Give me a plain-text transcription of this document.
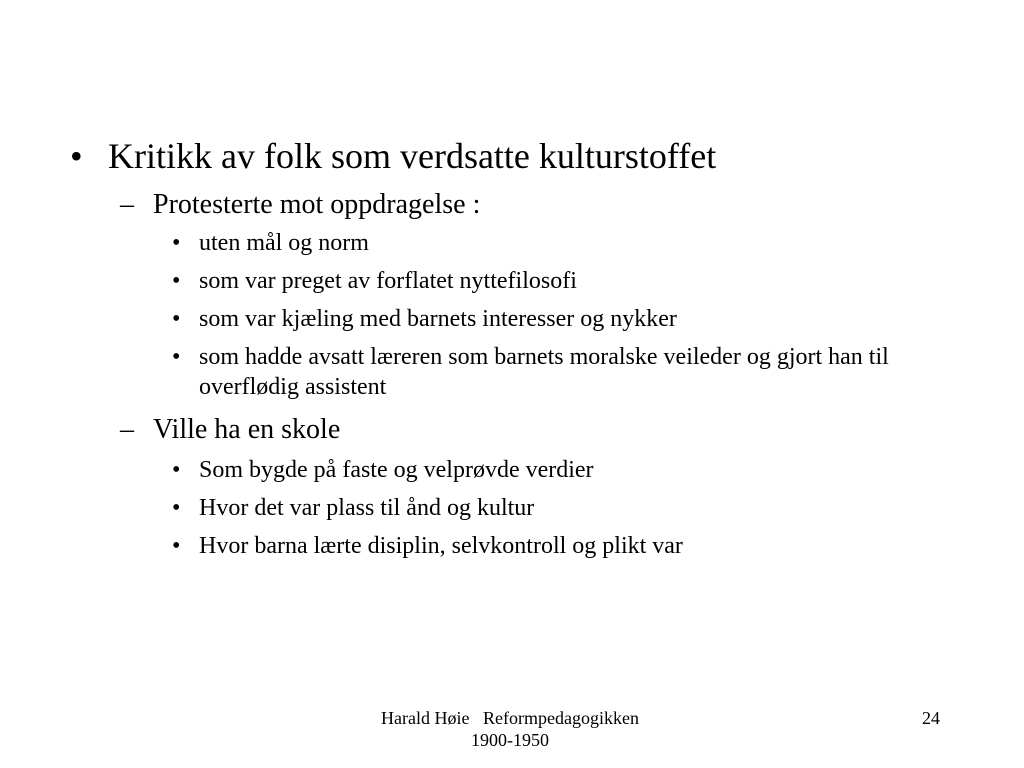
• Kritikk av folk som verdsatte kulturstoffet
– Protesterte mot oppdragelse :
• uten mål og norm
• som var preget av forflatet nyttefilosofi
• som var kjæling med barnets interesser og nykker
• som hadde avsatt læreren som barnets moralske veileder og gjort han til overflødig assistent
– Ville ha en skole
• Som bygde på faste og velprøvde verdier
• Hvor det var plass til ånd og kultur
• Hvor barna lærte disiplin, selvkontroll og plikt var
Harald Høie   Reformpedagogikken
1900-1950
24
